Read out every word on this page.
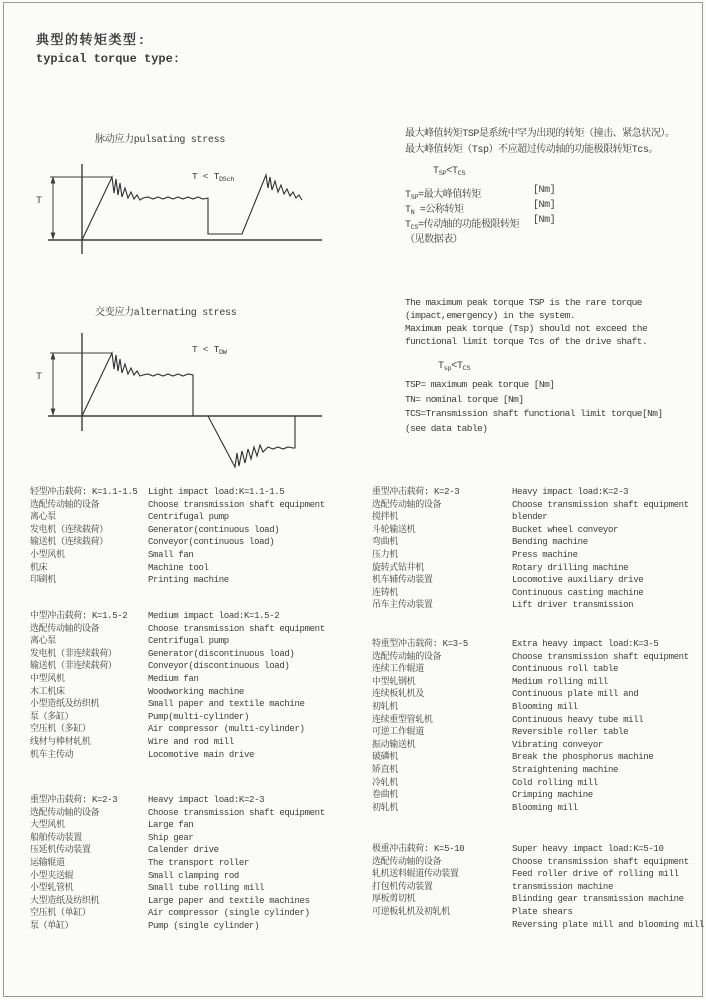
典型的转矩类型:
typical torque type:
脉动应力pulsating stress
T
$T < T_{DSch}$
最大峰值转矩TSP是系统中罕为出现的转矩（撞击、紧急状况）。
最大峰值转矩（Tsp）不应超过传动轴的功能极限转矩Tcs。
$T_{SP}<T_{CS}$
$T_{SP}=$最大峰值转矩	[Nm]
$T_N$ =公称转矩	[Nm]
$T_{CS}=$传动轴的功能极限转矩 [Nm]
（见数据表）
交变应力alternating stress
T
$T < T_{DW}$
The maximum peak torque TSP is the rare torque
(impact,emergency) in the system.
Maximum peak torque (Tsp) should not exceed the
functional limit torque Tcs of the drive shaft.
$T_{sp}<T_{CS}$
TSP= maximum peak torque [Nm]
TN= nominal torque [Nm]
TCS=Transmission shaft functional limit torque[Nm]
(see data table)
轻型冲击载荷: K=1.1-1.5
选配传动轴的设备
离心泵
发电机（连续载荷）
输送机（连续载荷）
小型风机
机床
印刷机
Light impact load:K=1.1-1.5
Choose transmission shaft equipment
Centrifugal pump
Generator(continuous load)
Conveyor(continuous load)
Small fan
Machine tool
Printing machine
中型冲击载荷: K=1.5-2
选配传动轴的设备
离心泵
发电机（非连续载荷）
输送机（非连续载荷）
中型风机
木工机床
小型造纸及纺织机
泵（多缸）
空压机（多缸）
线材与棒材轧机
机车主传动
Medium impact load:K=1.5-2
Choose transmission shaft equipment
Centrifugal pump
Generator(discontinuous load)
Conveyor(discontinuous load)
Medium fan
Woodworking machine
Small paper and textile machine
Pump(multi-cylinder)
Air compressor (multi-cylinder)
Wire and rod mill
Locomotive main drive
重型冲击载荷: K=2-3
选配传动轴的设备
大型风机
船舶传动装置
压延机传动装置
运输辊道
小型夹送辊
小型轧管机
大型造纸及纺织机
空压机（单缸）
泵（单缸）
Heavy impact load:K=2-3
Choose transmission shaft equipment
Large fan
Ship gear
Calender drive
The transport roller
Small clamping rod
Small tube rolling mill
Large paper and textile machines
Air compressor (single cylinder)
Pump (single cylinder)
重型冲击载荷: K=2-3
选配传动轴的设备
搅拌机
斗轮输送机
弯曲机
压力机
旋转式钻井机
机车辅传动装置
连铸机
吊车主传动装置
Heavy impact load:K=2-3
Choose transmission shaft equipment
blender
Bucket wheel conveyor
Bending machine
Press machine
Rotary drilling machine
Locomotive auxiliary drive
Continuous casting machine
Lift driver transmission
特重型冲击载荷: K=3-5
选配传动轴的设备
连续工作辊道
中型轧钢机
连续板轧机及
初轧机
连续重型管轧机
可逆工作辊道
振动输送机
破磷机
矫直机
冷轧机
卷曲机
初轧机
Extra heavy impact load:K=3-5
Choose transmission shaft equipment
Continuous roll table
Medium rolling mill
Continuous plate mill and
Blooming mill
Continuous heavy tube mill
Reversible roller table
Vibrating conveyor
Break the phosphorus machine
Straightening machine
Cold rolling mill
Crimping machine
Blooming mill
极重冲击载荷: K=5-10
选配传动轴的设备
轧机送料辊道传动装置
打包机传动装置
厚板剪切机
可逆板轧机及初轧机
Super heavy impact load:K=5-10
Choose transmission shaft equipment
Feed roller drive of rolling mill
transmission machine
Blinding gear transmission machine
Plate shears
Reversing plate mill and blooming mill
